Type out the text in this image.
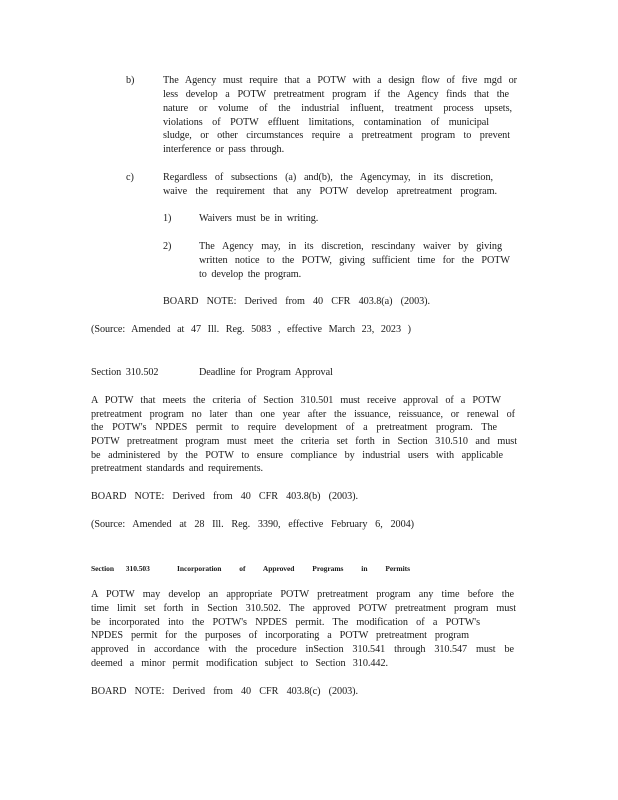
b)	The Agency must require that a POTW with a design flow of five mgd or
less develop a POTW pretreatment program if the Agency finds that the
nature or volume of the industrial influent, treatment process upsets,
violations of POTW effluent limitations, contamination of municipal
sludge, or other circumstances require a pretreatment program to prevent
interference or pass through.
c)	Regardless of subsections (a) and(b), the Agencymay, in its discretion,
waive the requirement that any POTW develop apretreatment program.
1)	Waivers must be in writing.
2)	The Agency may, in its discretion, rescindany waiver by giving
written notice to the POTW, giving sufficient time for the POTW
to develop the program.
BOARD NOTE: Derived from 40 CFR 403.8(a) (2003).
(Source: Amended at 47 Ill. Reg. 5083 , effective March 23, 2023 )
Section 310.502	Deadline for Program Approval
A POTW that meets the criteria of Section 310.501 must receive approval of a POTW
pretreatment program no later than one year after the issuance, reissuance, or renewal of
the POTW's NPDES permit to require development of a pretreatment program. The
POTW pretreatment program must meet the criteria set forth in Section 310.510 and must
be administered by the POTW to ensure compliance by industrial users with applicable
pretreatment standards and requirements.
BOARD NOTE: Derived from 40 CFR 403.8(b) (2003).
(Source: Amended at 28 Ill. Reg. 3390, effective February 6, 2004)
Section 310.503	Incorporation of Approved Programs in Permits
A POTW may develop an appropriate POTW pretreatment program any time before the
time limit set forth in Section 310.502. The approved POTW pretreatment program must
be incorporated into the POTW's NPDES permit. The modification of a POTW's
NPDES permit for the purposes of incorporating a POTW pretreatment program
approved in accordance with the procedure inSection 310.541 through 310.547 must be
deemed a minor permit modification subject to Section 310.442.
BOARD NOTE: Derived from 40 CFR 403.8(c) (2003).
